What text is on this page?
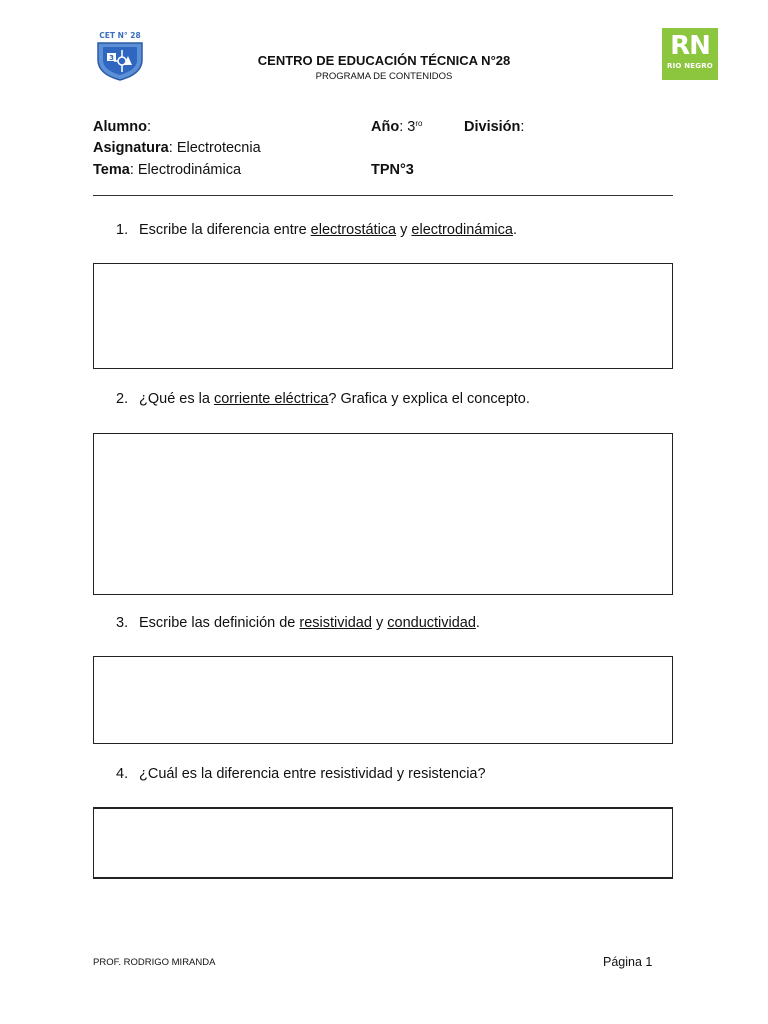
CET N° 28
3	RN
RIO NEGRO
CENTRO DE EDUCACIÓN TÉCNICA N°28
PROGRAMA DE CONTENIDOS
Alumno:	Año: $3^{ro}$	División:
Asignatura: Electrotecnia
Tema: Electrodinámica	TPN°3
1. Escribe la diferencia entre electrostática y electrodinámica.
2. ¿Qué es la corriente eléctrica? Grafica y explica el concepto.
3. Escribe las definición de resistividad y conductividad.
4. ¿Cuál es la diferencia entre resistividad y resistencia?
PROF. RODRIGO MIRANDA	Página 1
